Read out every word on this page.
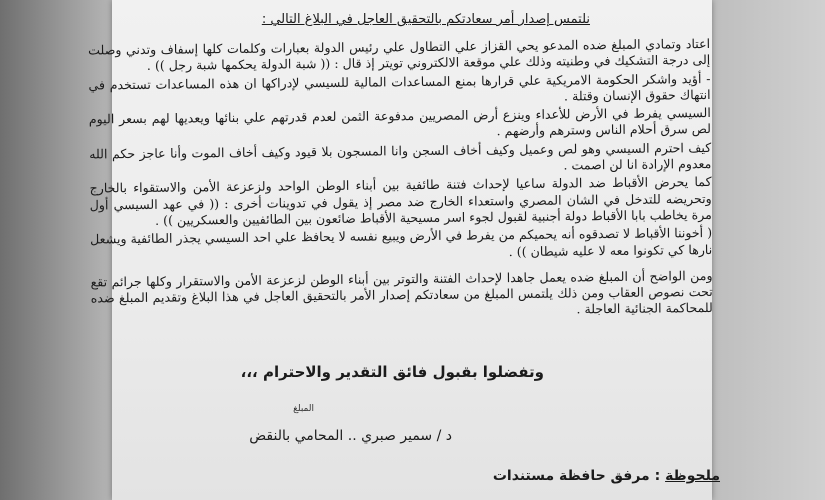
نلتمس إصدار أمر سعادتكم بالتحقيق العاجل في البلاغ التالي :

اعتاد وتمادي المبلغ ضده المدعو يحي القزاز علي التطاول علي رئيس الدولة بعبارات وكلمات كلها إسفاف وتدني وصلت إلى درجة التشكيك في وطنيته وذلك علي موقعة الالكتروني تويتر إذ قال : (( شبة الدولة يحكمها شبة رجل )) .

- أؤيد واشكر الحكومة الامريكية علي قرارها بمنع المساعدات المالية للسيسي لإدراكها ان هذه المساعدات تستخدم في انتهاك حقوق الإنسان وقتلة .

السيسي يفرط في الأرض للأعداء وينزع أرض المصريين مدفوعة الثمن لعدم قدرتهم علي بنائها ويعديها لهم بسعر اليوم لص سرق أحلام الناس وسترهم وأرضهم .

كيف احترم السيسي وهو لص وعميل وكيف أخاف السجن وانا المسجون بلا قيود وكيف أخاف الموت وأنا عاجز حكم الله معدوم الإرادة انا لن اصمت .

كما يحرض الأقباط ضد الدولة ساعيا لإحداث فتنة طائفية بين أبناء الوطن الواحد ولزعزعة الأمن والاستقواء بالخارج وتحريضه للتدخل في الشان المصري واستعداء الخارج ضد مصر إذ يقول في تدوينات أخرى : (( في عهد السيسي أول مرة يخاطب بابا الأقباط دولة أجنبية لقبول لجوء اسر مسيحية الأقباط ضائعون بين الطائفيين والعسكريين )) .

( أخوننا الأقباط لا تصدقوه أنه يحميكم من يفرط في الأرض ويبيع نفسه لا يحافظ علي احد السيسي يجذر الطائفية ويشعل نارها كي تكونوا معه لا عليه شيطان )) .

ومن الواضح أن المبلغ ضده يعمل جاهدا لإحداث الفتنة والتوتر بين أبناء الوطن لزعزعة الأمن والاستقرار وكلها جرائم تقع تحت نصوص العقاب ومن ذلك يلتمس المبلغ من سعادتكم إصدار الأمر بالتحقيق العاجل في هذا البلاغ وتقديم المبلغ ضده للمحاكمة الجنائية العاجلة .

وتفضلوا بقبول فائق التقدير والاحترام ،،،
المبلغ
د / سمير صبري .. المحامي بالنقض
ملحوظة : مرفق حافظة مستندات
